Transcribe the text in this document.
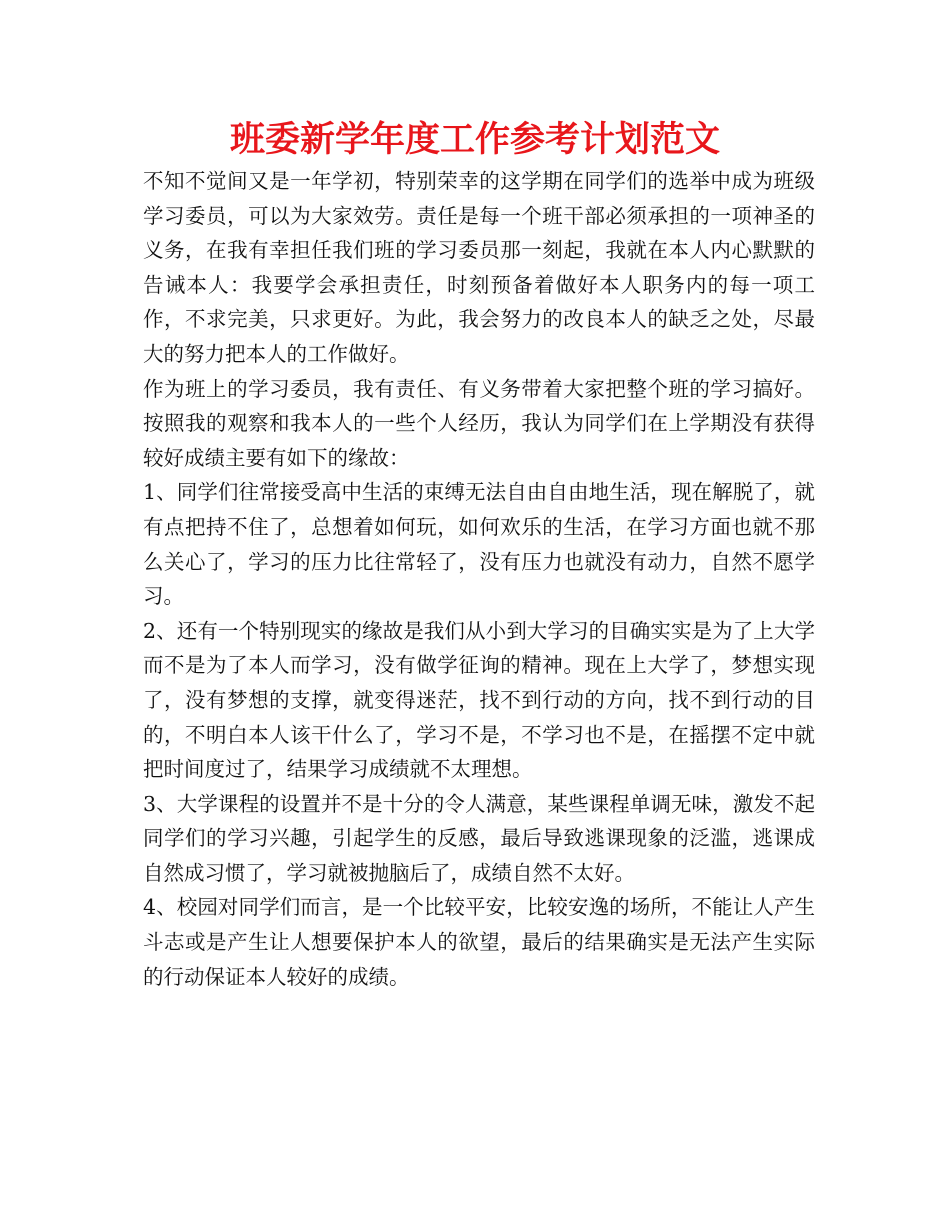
班委新学年度工作参考计划范文

不知不觉间又是一年学初，特别荣幸的这学期在同学们的选举中成为班级学习委员，可以为大家效劳。责任是每一个班干部必须承担的一项神圣的义务，在我有幸担任我们班的学习委员那一刻起，我就在本人内心默默的告诫本人：我要学会承担责任，时刻预备着做好本人职务内的每一项工作，不求完美，只求更好。为此，我会努力的改良本人的缺乏之处，尽最大的努力把本人的工作做好。

作为班上的学习委员，我有责任、有义务带着大家把整个班的学习搞好。按照我的观察和我本人的一些个人经历，我认为同学们在上学期没有获得较好成绩主要有如下的缘故：

1、同学们往常接受高中生活的束缚无法自由自由地生活，现在解脱了，就有点把持不住了，总想着如何玩，如何欢乐的生活，在学习方面也就不那么关心了，学习的压力比往常轻了，没有压力也就没有动力，自然不愿学习。

2、还有一个特别现实的缘故是我们从小到大学习的目确实实是为了上大学而不是为了本人而学习，没有做学征询的精神。现在上大学了，梦想实现了，没有梦想的支撑，就变得迷茫，找不到行动的方向，找不到行动的目的，不明白本人该干什么了，学习不是，不学习也不是，在摇摆不定中就把时间度过了，结果学习成绩就不太理想。

3、大学课程的设置并不是十分的令人满意，某些课程单调无味，激发不起同学们的学习兴趣，引起学生的反感，最后导致逃课现象的泛滥，逃课成自然成习惯了，学习就被抛脑后了，成绩自然不太好。

4、校园对同学们而言，是一个比较平安，比较安逸的场所，不能让人产生斗志或是产生让人想要保护本人的欲望，最后的结果确实是无法产生实际的行动保证本人较好的成绩。
